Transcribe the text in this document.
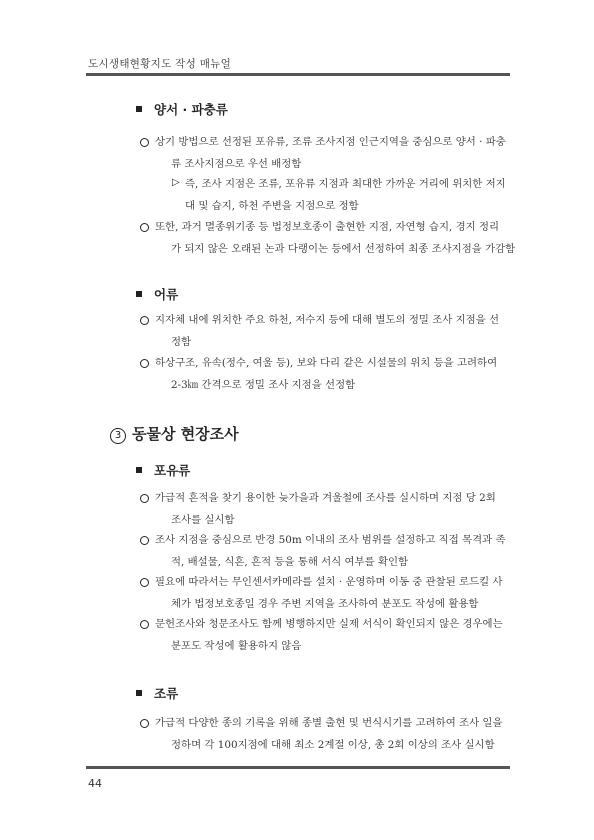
도시생태현황지도 작성 매뉴얼
양서 · 파충류
상기 방법으로 선정된 포유류, 조류 조사지점 인근지역을 중심으로 양서 · 파충
류 조사지점으로 우선 배정함
▷ 즉, 조사 지점은 조류, 포유류 지점과 최대한 가까운 거리에 위치한 저지
대 및 습지, 하천 주변을 지점으로 정함
또한, 과거 멸종위기종 등 법정보호종이 출현한 지점, 자연형 습지, 경지 정리
가 되지 않은 오래된 논과 다랭이논 등에서 선정하여 최종 조사지점을 가감함
어류
지자체 내에 위치한 주요 하천, 저수지 등에 대해 별도의 정밀 조사 지점을 선
정함
하상구조, 유속(정수, 여울 등), 보와 다리 같은 시설물의 위치 등을 고려하여
2-3㎞ 간격으로 정밀 조사 지점을 선정함
3 동물상 현장조사
포유류
가급적 흔적을 찾기 용이한 늦가을과 겨울철에 조사를 실시하며 지점 당 2회
조사를 실시함
조사 지점을 중심으로 반경 50m 이내의 조사 범위를 설정하고 직접 목격과 족
적, 배설물, 식흔, 흔적 등을 통해 서식 여부를 확인함
필요에 따라서는 무인센서카메라를 설치 · 운영하며 이동 중 관찰된 로드킬 사
체가 법정보호종일 경우 주변 지역을 조사하여 분포도 작성에 활용함
문헌조사와 청문조사도 함께 병행하지만 실제 서식이 확인되지 않은 경우에는
분포도 작성에 활용하지 않음
조류
가급적 다양한 종의 기록을 위해 종별 출현 및 번식시기를 고려하여 조사 일을
정하며 각 100지점에 대해 최소 2계절 이상, 총 2회 이상의 조사 실시함
44
